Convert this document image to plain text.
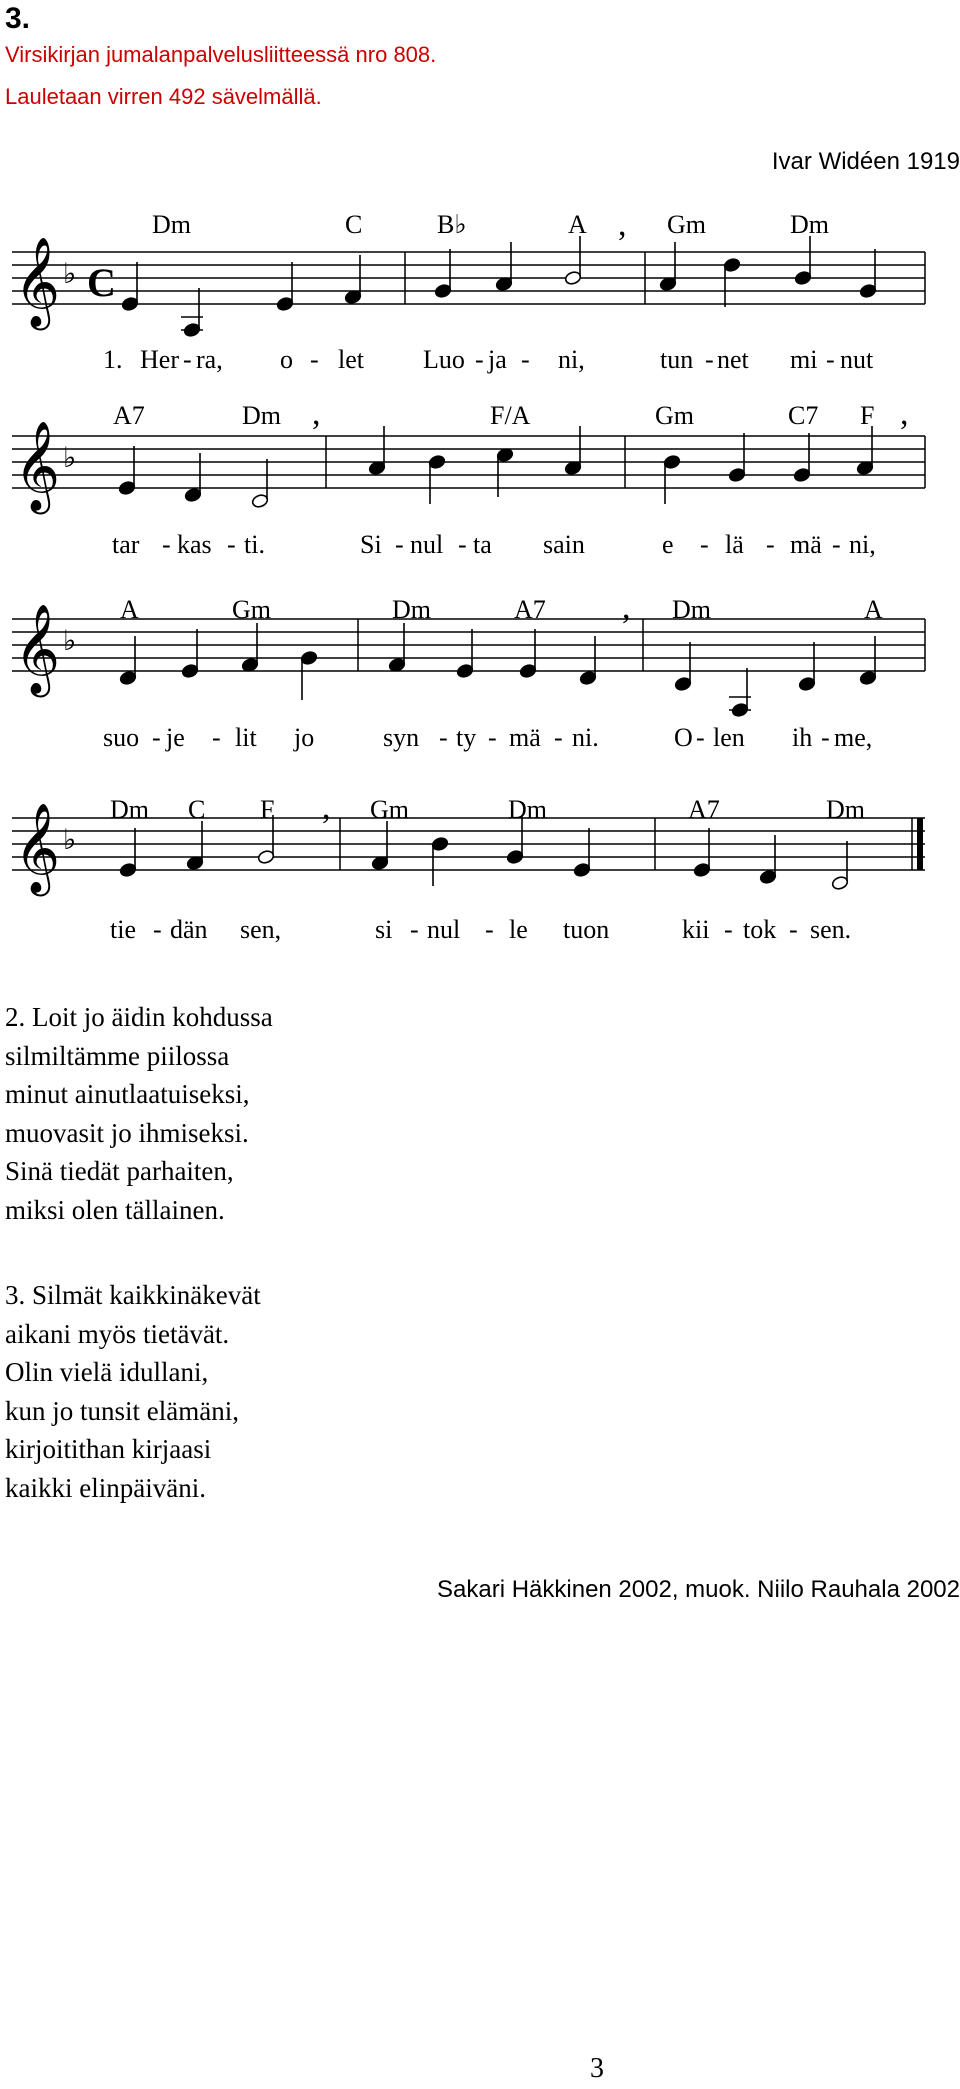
3.
Virsikirjan jumalanpalvelusliitteessä nro 808.
Lauletaan virren 492 sävelmällä.
Ivar Widéen 1919
𝄞 ♭ C
Dm	C	B♭	A	Gm	Dm
,
1. Her - ra, o - let Luo - ja - ni,	tun - net mi - nut
𝄞 ♭
A7	Dm	F/A	Gm	C7 F
,	,
tar - kas - ti.	Si - nul - ta sain	e - lä - mä - ni,
𝄞 ♭
A	Gm	Dm	A7	Dm	A
,
suo - je - lit jo	syn - ty - mä - ni.	O - len ih - me,
𝄞 ♭
Dm C F	Gm	Dm	A7	Dm
,
tie - dän sen,	si - nul - le tuon	kii - tok - sen.
2. Loit jo äidin kohdussa
silmiltämme piilossa
minut ainutlaatuiseksi,
muovasit jo ihmiseksi.
Sinä tiedät parhaiten,
miksi olen tällainen.
3. Silmät kaikkinäkevät
aikani myös tietävät.
Olin vielä idullani,
kun jo tunsit elämäni,
kirjoitithan kirjaasi
kaikki elinpäiväni.
Sakari Häkkinen 2002, muok. Niilo Rauhala 2002
3
